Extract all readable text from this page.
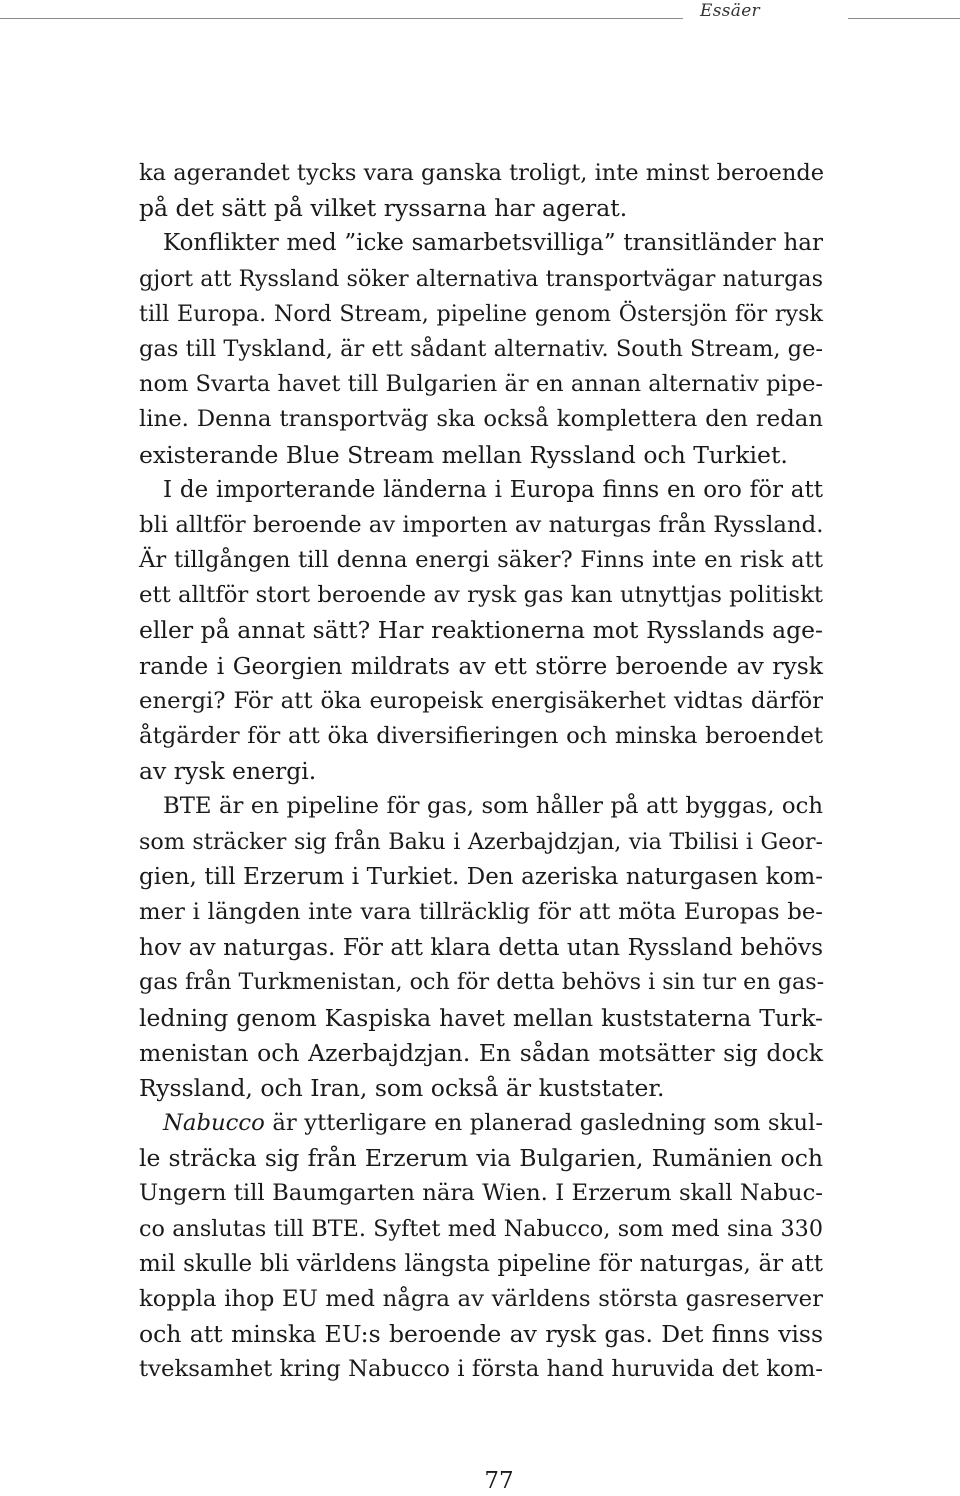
Essäer
ka agerandet tycks vara ganska troligt, inte minst beroende
på det sätt på vilket ryssarna har agerat.
Konflikter med ”icke samarbetsvilliga” transitländer har
gjort att Ryssland söker alternativa transportvägar naturgas
till Europa. Nord Stream, pipeline genom Östersjön för rysk
gas till Tyskland, är ett sådant alternativ. South Stream, ge-
nom Svarta havet till Bulgarien är en annan alternativ pipe-
line. Denna transportväg ska också komplettera den redan
existerande Blue Stream mellan Ryssland och Turkiet.
I de importerande länderna i Europa finns en oro för att
bli alltför beroende av importen av naturgas från Ryssland.
Är tillgången till denna energi säker? Finns inte en risk att
ett alltför stort beroende av rysk gas kan utnyttjas politiskt
eller på annat sätt? Har reaktionerna mot Rysslands age-
rande i Georgien mildrats av ett större beroende av rysk
energi? För att öka europeisk energisäkerhet vidtas därför
åtgärder för att öka diversifieringen och minska beroendet
av rysk energi.
BTE är en pipeline för gas, som håller på att byggas, och
som sträcker sig från Baku i Azerbajdzjan, via Tbilisi i Geor-
gien, till Erzerum i Turkiet. Den azeriska naturgasen kom-
mer i längden inte vara tillräcklig för att möta Europas be-
hov av naturgas. För att klara detta utan Ryssland behövs
gas från Turkmenistan, och för detta behövs i sin tur en gas-
ledning genom Kaspiska havet mellan kuststaterna Turk-
menistan och Azerbajdzjan. En sådan motsätter sig dock
Ryssland, och Iran, som också är kuststater.
Nabucco är ytterligare en planerad gasledning som skul-
le sträcka sig från Erzerum via Bulgarien, Rumänien och
Ungern till Baumgarten nära Wien. I Erzerum skall Nabuc-
co anslutas till BTE. Syftet med Nabucco, som med sina 330
mil skulle bli världens längsta pipeline för naturgas, är att
koppla ihop EU med några av världens största gasreserver
och att minska EU:s beroende av rysk gas. Det finns viss
tveksamhet kring Nabucco i första hand huruvida det kom-
77
